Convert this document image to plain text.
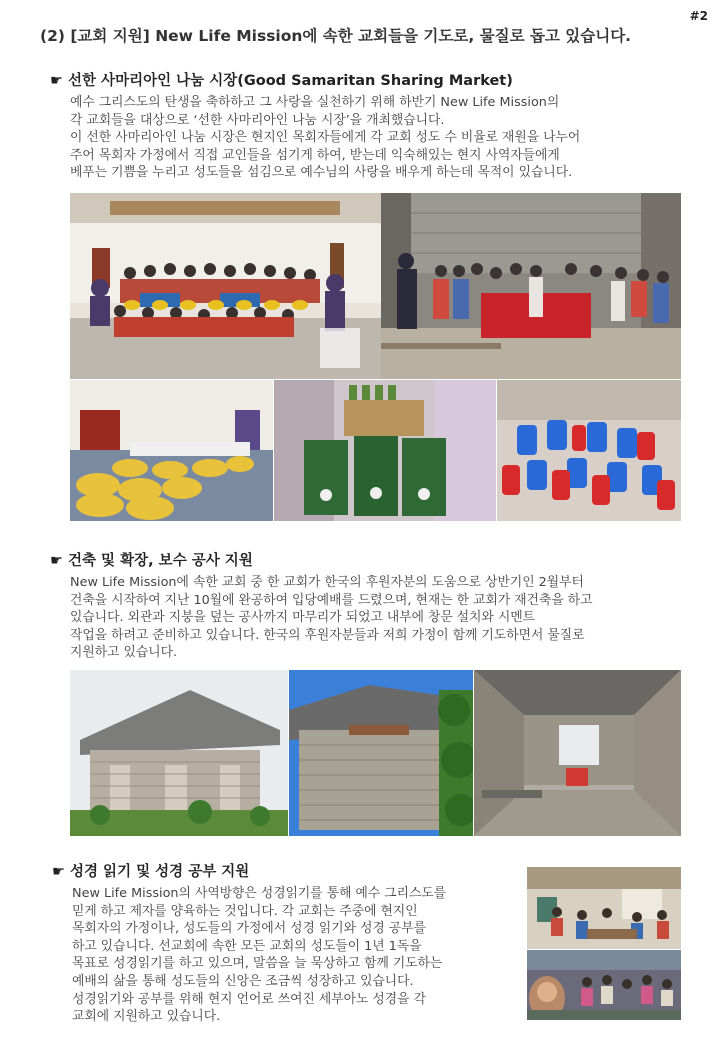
#2
(2) [교회 지원] New Life Mission에 속한 교회들을 기도로, 물질로 돕고 있습니다.
☛ 선한 사마리아인 나눔 시장(Good Samaritan Sharing Market)

예수 그리스도의 탄생을 축하하고 그 사랑을 실천하기 위해 하반기 New Life Mission의

각 교회들을 대상으로 ‘선한 사마리아인 나눔 시장’을 개최했습니다.

이 선한 사마리아인 나눔 시장은 현지인 목회자들에게 각 교회 성도 수 비율로 재원을 나누어

주어 목회자 가정에서 직접 교인들을 섬기게 하여, 받는데 익숙해있는 현지 사역자들에게

베푸는 기쁨을 누리고 성도들을 섬김으로 예수님의 사랑을 배우게 하는데 목적이 있습니다.

☛ 건축 및 확장, 보수 공사 지원

New Life Mission에 속한 교회 중 한 교회가 한국의 후원자분의 도움으로 상반기인 2월부터

건축을 시작하여 지난 10월에 완공하여 입당예배를 드렸으며, 현재는 한 교회가 재건축을 하고

있습니다. 외관과 지붕을 덮는 공사까지 마무리가 되었고 내부에 창문 설치와 시멘트

작업을 하려고 준비하고 있습니다. 한국의 후원자분들과 저희 가정이 함께 기도하면서 물질로

지원하고 있습니다.

☛ 성경 읽기 및 성경 공부 지원

New Life Mission의 사역방향은 성경읽기를 통해 예수 그리스도를

믿게 하고 제자를 양육하는 것입니다. 각 교회는 주중에 현지인

목회자의 가정이나, 성도들의 가정에서 성경 읽기와 성경 공부를

하고 있습니다. 선교회에 속한 모든 교회의 성도들이 1년 1독을

목표로 성경읽기를 하고 있으며, 말씀을 늘 묵상하고 함께 기도하는

예배의 삶을 통해 성도들의 신앙은 조금씩 성장하고 있습니다.

성경읽기와 공부를 위해 현지 언어로 쓰여진 세부아노 성경을 각

교회에 지원하고 있습니다.
